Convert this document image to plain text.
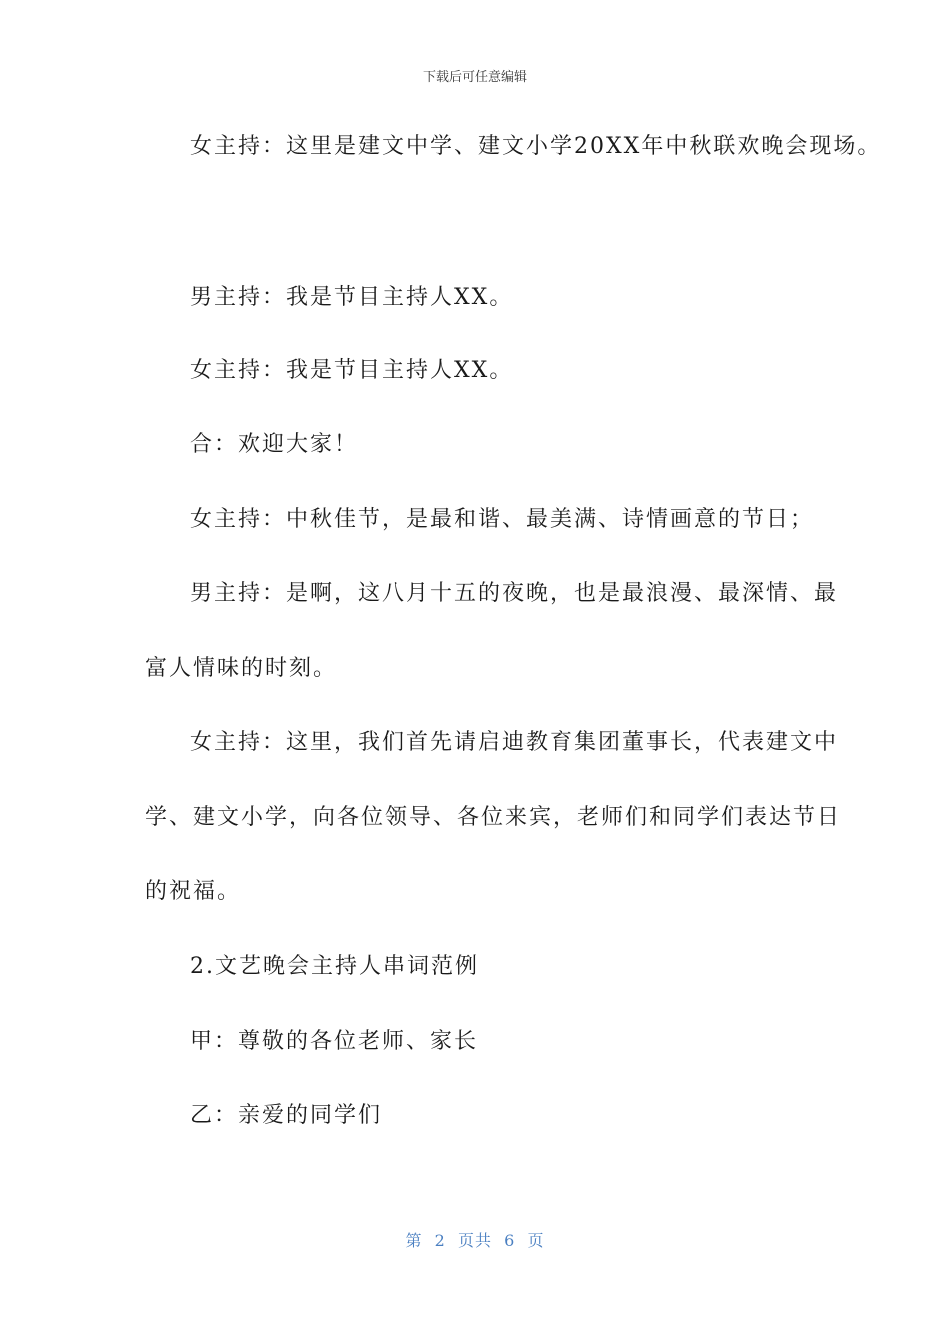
下载后可任意编辑
女主持：这里是建文中学、建文小学20XX年中秋联欢晚会现场。
男主持：我是节目主持人XX。
女主持：我是节目主持人XX。
合：欢迎大家！
女主持：中秋佳节，是最和谐、最美满、诗情画意的节日；
男主持：是啊，这八月十五的夜晚，也是最浪漫、最深情、最
富人情味的时刻。
女主持：这里，我们首先请启迪教育集团董事长，代表建文中
学、建文小学，向各位领导、各位来宾，老师们和同学们表达节日
的祝福。
2.文艺晚会主持人串词范例
甲：尊敬的各位老师、家长
乙：亲爱的同学们
第  2  页共  6  页
